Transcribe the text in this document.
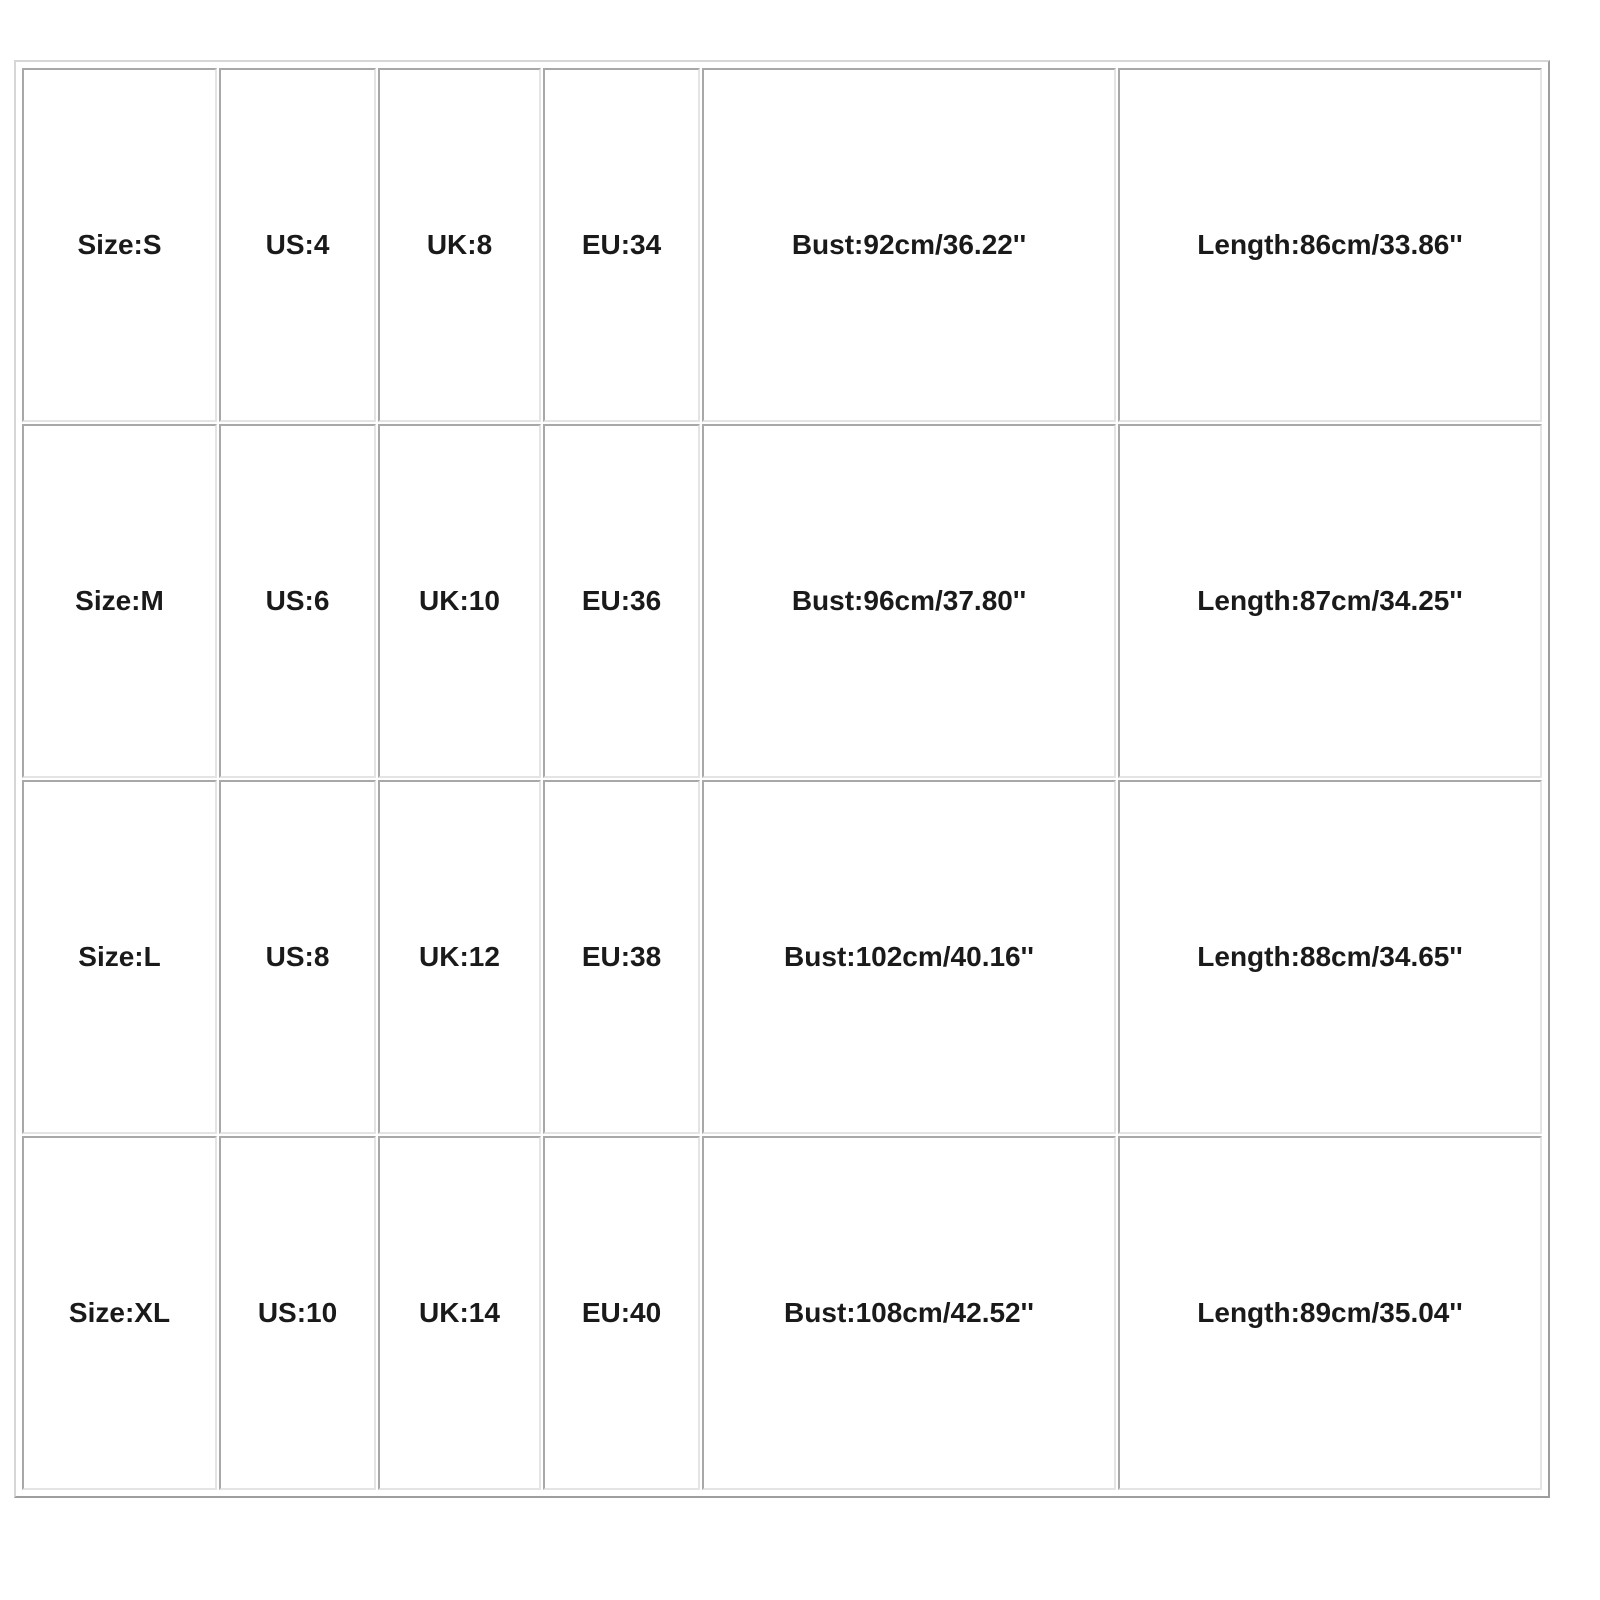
Size:S	US:4	UK:8	EU:34	Bust:92cm/36.22''	Length:86cm/33.86''
Size:M	US:6	UK:10	EU:36	Bust:96cm/37.80''	Length:87cm/34.25''
Size:L	US:8	UK:12	EU:38	Bust:102cm/40.16''	Length:88cm/34.65''
Size:XL	US:10	UK:14	EU:40	Bust:108cm/42.52''	Length:89cm/35.04''
